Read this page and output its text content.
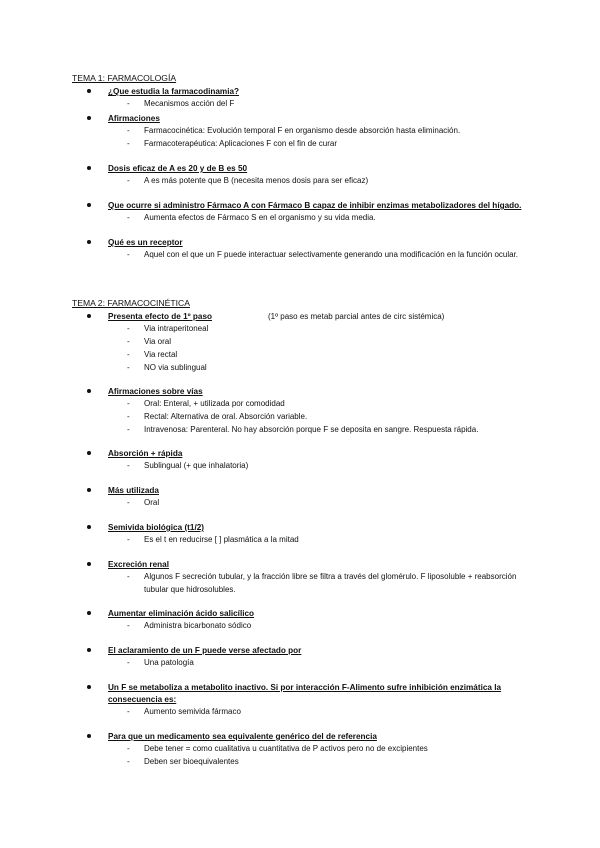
TEMA 1: FARMACOLOGÍA
¿Que estudia la farmacodinamia?
- Mecanismos acción del F
Afirmaciones
- Farmacocinética: Evolución temporal F en organismo desde absorción hasta eliminación.
- Farmacoterapéutica: Aplicaciones F con el fin de curar
Dosis eficaz de A es 20 y de B es 50
- A es más potente que B (necesita menos dosis para ser eficaz)
Que ocurre si administro Fármaco A con Fármaco B capaz de inhibir enzimas metabolizadores del hígado.
- Aumenta efectos de Fármaco S en el organismo y su vida media.
Qué es un receptor
- Aquel con el que un F puede interactuar selectivamente generando una modificación en la función ocular.
TEMA 2: FARMACOCINÉTICA
Presenta efecto de 1º paso	(1º paso es metab parcial antes de circ sistémica)
- Via intraperitoneal
- Via oral
- Via rectal
- NO via sublingual
Afirmaciones sobre vías
- Oral: Enteral, + utilizada por comodidad
- Rectal: Alternativa de oral. Absorción variable.
- Intravenosa: Parenteral. No hay absorción porque F se deposita en sangre. Respuesta rápida.
Absorción + rápida
- Sublingual (+ que inhalatoria)
Más utilizada
- Oral
Semivida biológica (t1/2)
- Es el t en reducirse [ ] plasmática a la mitad
Excreción renal
- Algunos F secreción tubular, y la fracción libre se filtra a través del glomérulo. F liposoluble + reabsorción tubular que hidrosolubles.
Aumentar eliminación ácido salicílico
- Administra bicarbonato sódico
El aclaramiento de un F puede verse afectado por
- Una patología
Un F se metaboliza a metabolito inactivo. Si por interacción F-Alimento sufre inhibición enzimática la consecuencia es:
- Aumento semivida fármaco
Para que un medicamento sea equivalente genérico del de referencia
- Debe tener = como cualitativa u cuantitativa de P activos pero no de excipientes
- Deben ser bioequivalentes
